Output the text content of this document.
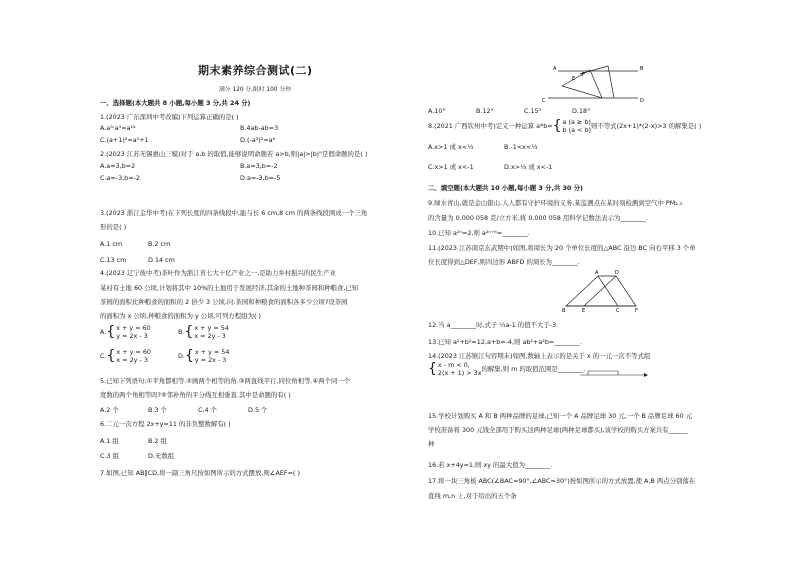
期末素养综合测试(二)
满分 120 分,限时 100 分钟
一、选择题(本大题共 8 小题,每小题 3 分,共 24 分)
1.(2023 广东深圳中考改编)下列运算正确的是( )
A.a³·a³=a¹²	B.4ab-ab=3
C.(a+1)²=a²+1	D.(-a³)²=a⁶
2.(2023 江苏无锡惠山三模)对于 a,b 的取值,能够说明命题若 a>b,则|a|>|b|"是假命题的是( )
A.a=3,b=2	B.a=3,b=-2
C.a=-3,b=-2	D.a=-3,b=-5
3.(2023 浙江金华中考)在下列长度的四条线段中,能与长 6 cm,8 cm 的两条线段围成一个三角
形的是( )
A.1 cm	B.2 cm
C.13 cm	D.14 cm
4.(2023 辽宁彼中考)茶叶作为浙江省七大十亿产业之一,是助力乡村振兴的民生产业
某村有土地 60 公顷,计划将其中 10%的土地用于发展经济,其余的土地种茶园和种粮食,已知
茶园的面积比种粮食的面积的 2 倍少 3 公顷,问:茶园和种粮食的面积各多少公顷?设茶园
的面积为 x 公顷,种粮食的面积为 y 公顷,可列方程组为( )
A.{ x + y = 60
y = 2x - 3	B.{ x + y = 54
x = 2y - 3
C.{ x + y = 60
x = 2y - 3	D.{ x + y = 54
y = 2x - 3
5.已知下列语句:①平角都相等.②画两个相等的角.③两直线平行,同位角相等.④两个同一个
度数的两个角相等吗?⑤邻补角的平分线互相垂直.其中是命题的有( )
A.2 个	B.3 个	C.4 个	D.5 个
6.二元一次方程 2x+y=11 的非负整数解有( )
A.1 组	B.2 组
C.3 组	D.无数组
7.如图,已知 AB∥CD,将一副三角尺按如图所示的方式摆放,则∠AEF=( )
A	B
C	D
E
F
A.10°	B.12°	C.15°	D.18°
8.(2021 广西钦州中考)定义一种运算 a*b={ a (a ≥ b)
b (a < b) 则不等式(2x+1)*(2-x)>3 的解集是( )
A.x>1 或 x<⅓	B.-1<x<⅓
C.x>1 或 x<-1	D.x>⅓ 或 x<-1
二、填空题(本大题共 10 小题,每小题 3 分,共 30 分)
9.绿水青山,就是金山银山.人人都有守护环境的义务,某监测点在某时刻检测到空气中 PM₂.₅
的含量为 0.000 058 克/立方米,将 0.000 058 用科学记数法表示为________.
10.已知 a²ⁿ=2,则 a²ⁿ⁺⁶=________.
11.(2023 江苏南京玄武期中)如图,将周长为 20 个单位长度的△ABC 沿边 BC 向右平移 3 个单
位长度得到△DEF,则四边形 ABFD 的周长为________.
A	D
B	E	C	F
12.当 a________时,式子 ⅔a-1 的值不大于-3
13.已知 a²+b²=12,a+b=-4,则 ab²+a²b=________.
14.(2023 江苏镇江句容期末)如图,数轴上表示的是关于 x 的一元一次不等式组
{ x - m < 0,
2(x + 1) > 3x 的解集,则 m 的取值范围是________.
15.学校计划购买 A 和 B 两种品牌的足球,已知一个 A 品牌足球 30 元,一个 B 品牌足球 60 元
学校准备将 300 元钱全部用于购买这两种足球(两种足球都买),该学校的购买方案共有______
种
16.若 x+4y=1,则 xy 的最大值为________.
17.将一块三角板 ABC(∠BAC=90°,∠ABC=30°)按如图所示的方式放置,使 A,B 两点分别落在
直线 m,n 上,对于给出的五个条
